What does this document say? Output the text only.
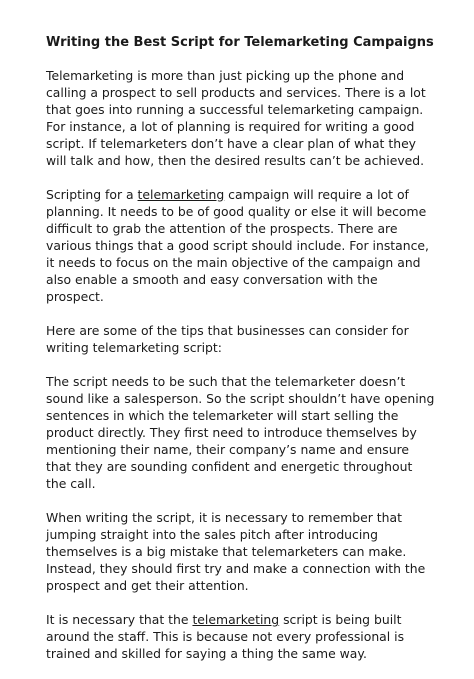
Writing the Best Script for Telemarketing Campaigns
Telemarketing is more than just picking up the phone and
calling a prospect to sell products and services. There is a lot
that goes into running a successful telemarketing campaign.
For instance, a lot of planning is required for writing a good
script. If telemarketers don’t have a clear plan of what they
will talk and how, then the desired results can’t be achieved.
Scripting for a telemarketing campaign will require a lot of
planning. It needs to be of good quality or else it will become
difficult to grab the attention of the prospects. There are
various things that a good script should include. For instance,
it needs to focus on the main objective of the campaign and
also enable a smooth and easy conversation with the
prospect.
Here are some of the tips that businesses can consider for
writing telemarketing script:
The script needs to be such that the telemarketer doesn’t
sound like a salesperson. So the script shouldn’t have opening
sentences in which the telemarketer will start selling the
product directly. They first need to introduce themselves by
mentioning their name, their company’s name and ensure
that they are sounding confident and energetic throughout
the call.
When writing the script, it is necessary to remember that
jumping straight into the sales pitch after introducing
themselves is a big mistake that telemarketers can make.
Instead, they should first try and make a connection with the
prospect and get their attention.
It is necessary that the telemarketing script is being built
around the staff. This is because not every professional is
trained and skilled for saying a thing the same way.
